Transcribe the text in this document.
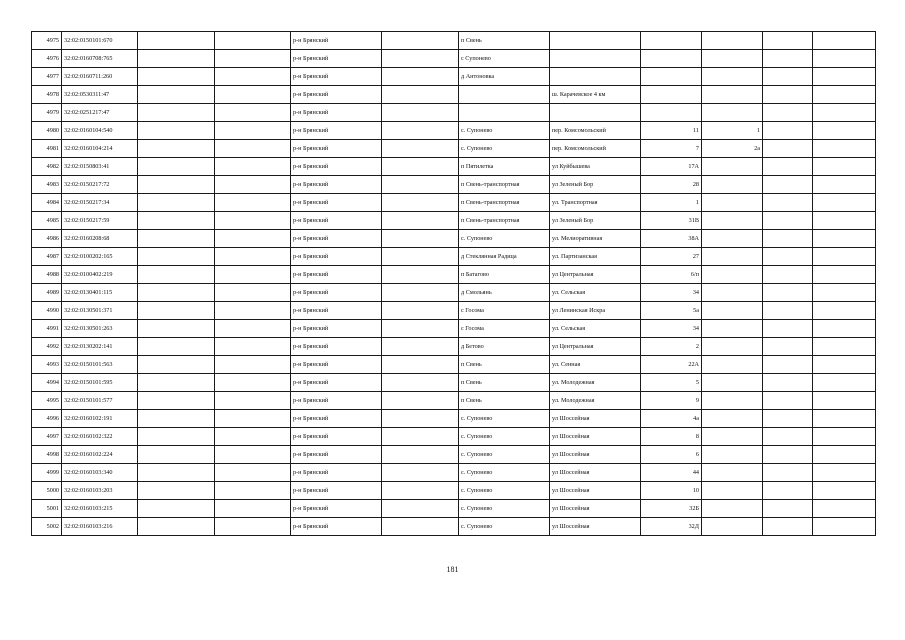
4975	32:02:0150101:670			р-н Брянский		п Свень					
4976	32:02:0160708:765			р-н Брянский		с Супонево					
4977	32:02:0160711:260			р-н Брянский		д Антоновка					
4978	32:02:0530311:47			р-н Брянский			ш. Карачевское 4 км				
4979	32:02:0251217:47			р-н Брянский							
4980	32:02:0160104:540			р-н Брянский		с. Супонево	пер. Комсомольский	11	1		
4981	32:02:0160104:214			р-н Брянский		с. Супонево	пер. Комсомольский	7	2а		
4982	32:02:0150803:41			р-н Брянский		п Пятилетка	ул Куйбышева	17А			
4983	32:02:0150217:72			р-н Брянский		п Свень-транспортная	ул Зеленый Бор	28			
4984	32:02:0150217:34			р-н Брянский		п Свень-транспортная	ул. Транспортная	1			
4985	32:02:0150217:59			р-н Брянский		п Свень-транспортная	ул Зеленый Бор	31В			
4986	32:02:0160208:68			р-н Брянский		с. Супонево	ул. Мелиоративная	38А			
4987	32:02:0100202:165			р-н Брянский		д Стеклянная Радица	ул. Партизанская	27			
4988	32:02:0100402:219			р-н Брянский		п Батагово	ул Центральная	6/п			
4989	32:02:0130401:115			р-н Брянский		д Смольянь	ул. Сельская	34			
4990	32:02:0130501:371			р-н Брянский		с Госома	ул Ленинская Искра	5а			
4991	32:02:0130501:263			р-н Брянский		с Госома	ул. Сельская	34			
4992	32:02:0130202:141			р-н Брянский		д Бетово	ул Центральная	2			
4993	32:02:0150101:563			р-н Брянский		п Свень	ул. Сенная	22А			
4994	32:02:0150101:595			р-н Брянский		п Свень	ул. Молодежная	5			
4995	32:02:0150101:577			р-н Брянский		п Свень	ул. Молодежная	9			
4996	32:02:0160102:191			р-н Брянский		с. Супонево	ул Шоссейная	4а			
4997	32:02:0160102:322			р-н Брянский		с. Супонево	ул Шоссейная	8			
4998	32:02:0160102:224			р-н Брянский		с. Супонево	ул Шоссейная	6			
4999	32:02:0160103:340			р-н Брянский		с. Супонево	ул Шоссейная	44			
5000	32:02:0160103:203			р-н Брянский		с. Супонево	ул Шоссейная	10			
5001	32:02:0160103:215			р-н Брянский		с. Супонево	ул Шоссейная	32Б			
5002	32:02:0160103:216			р-н Брянский		с. Супонево	ул Шоссейная	32Д			
181
